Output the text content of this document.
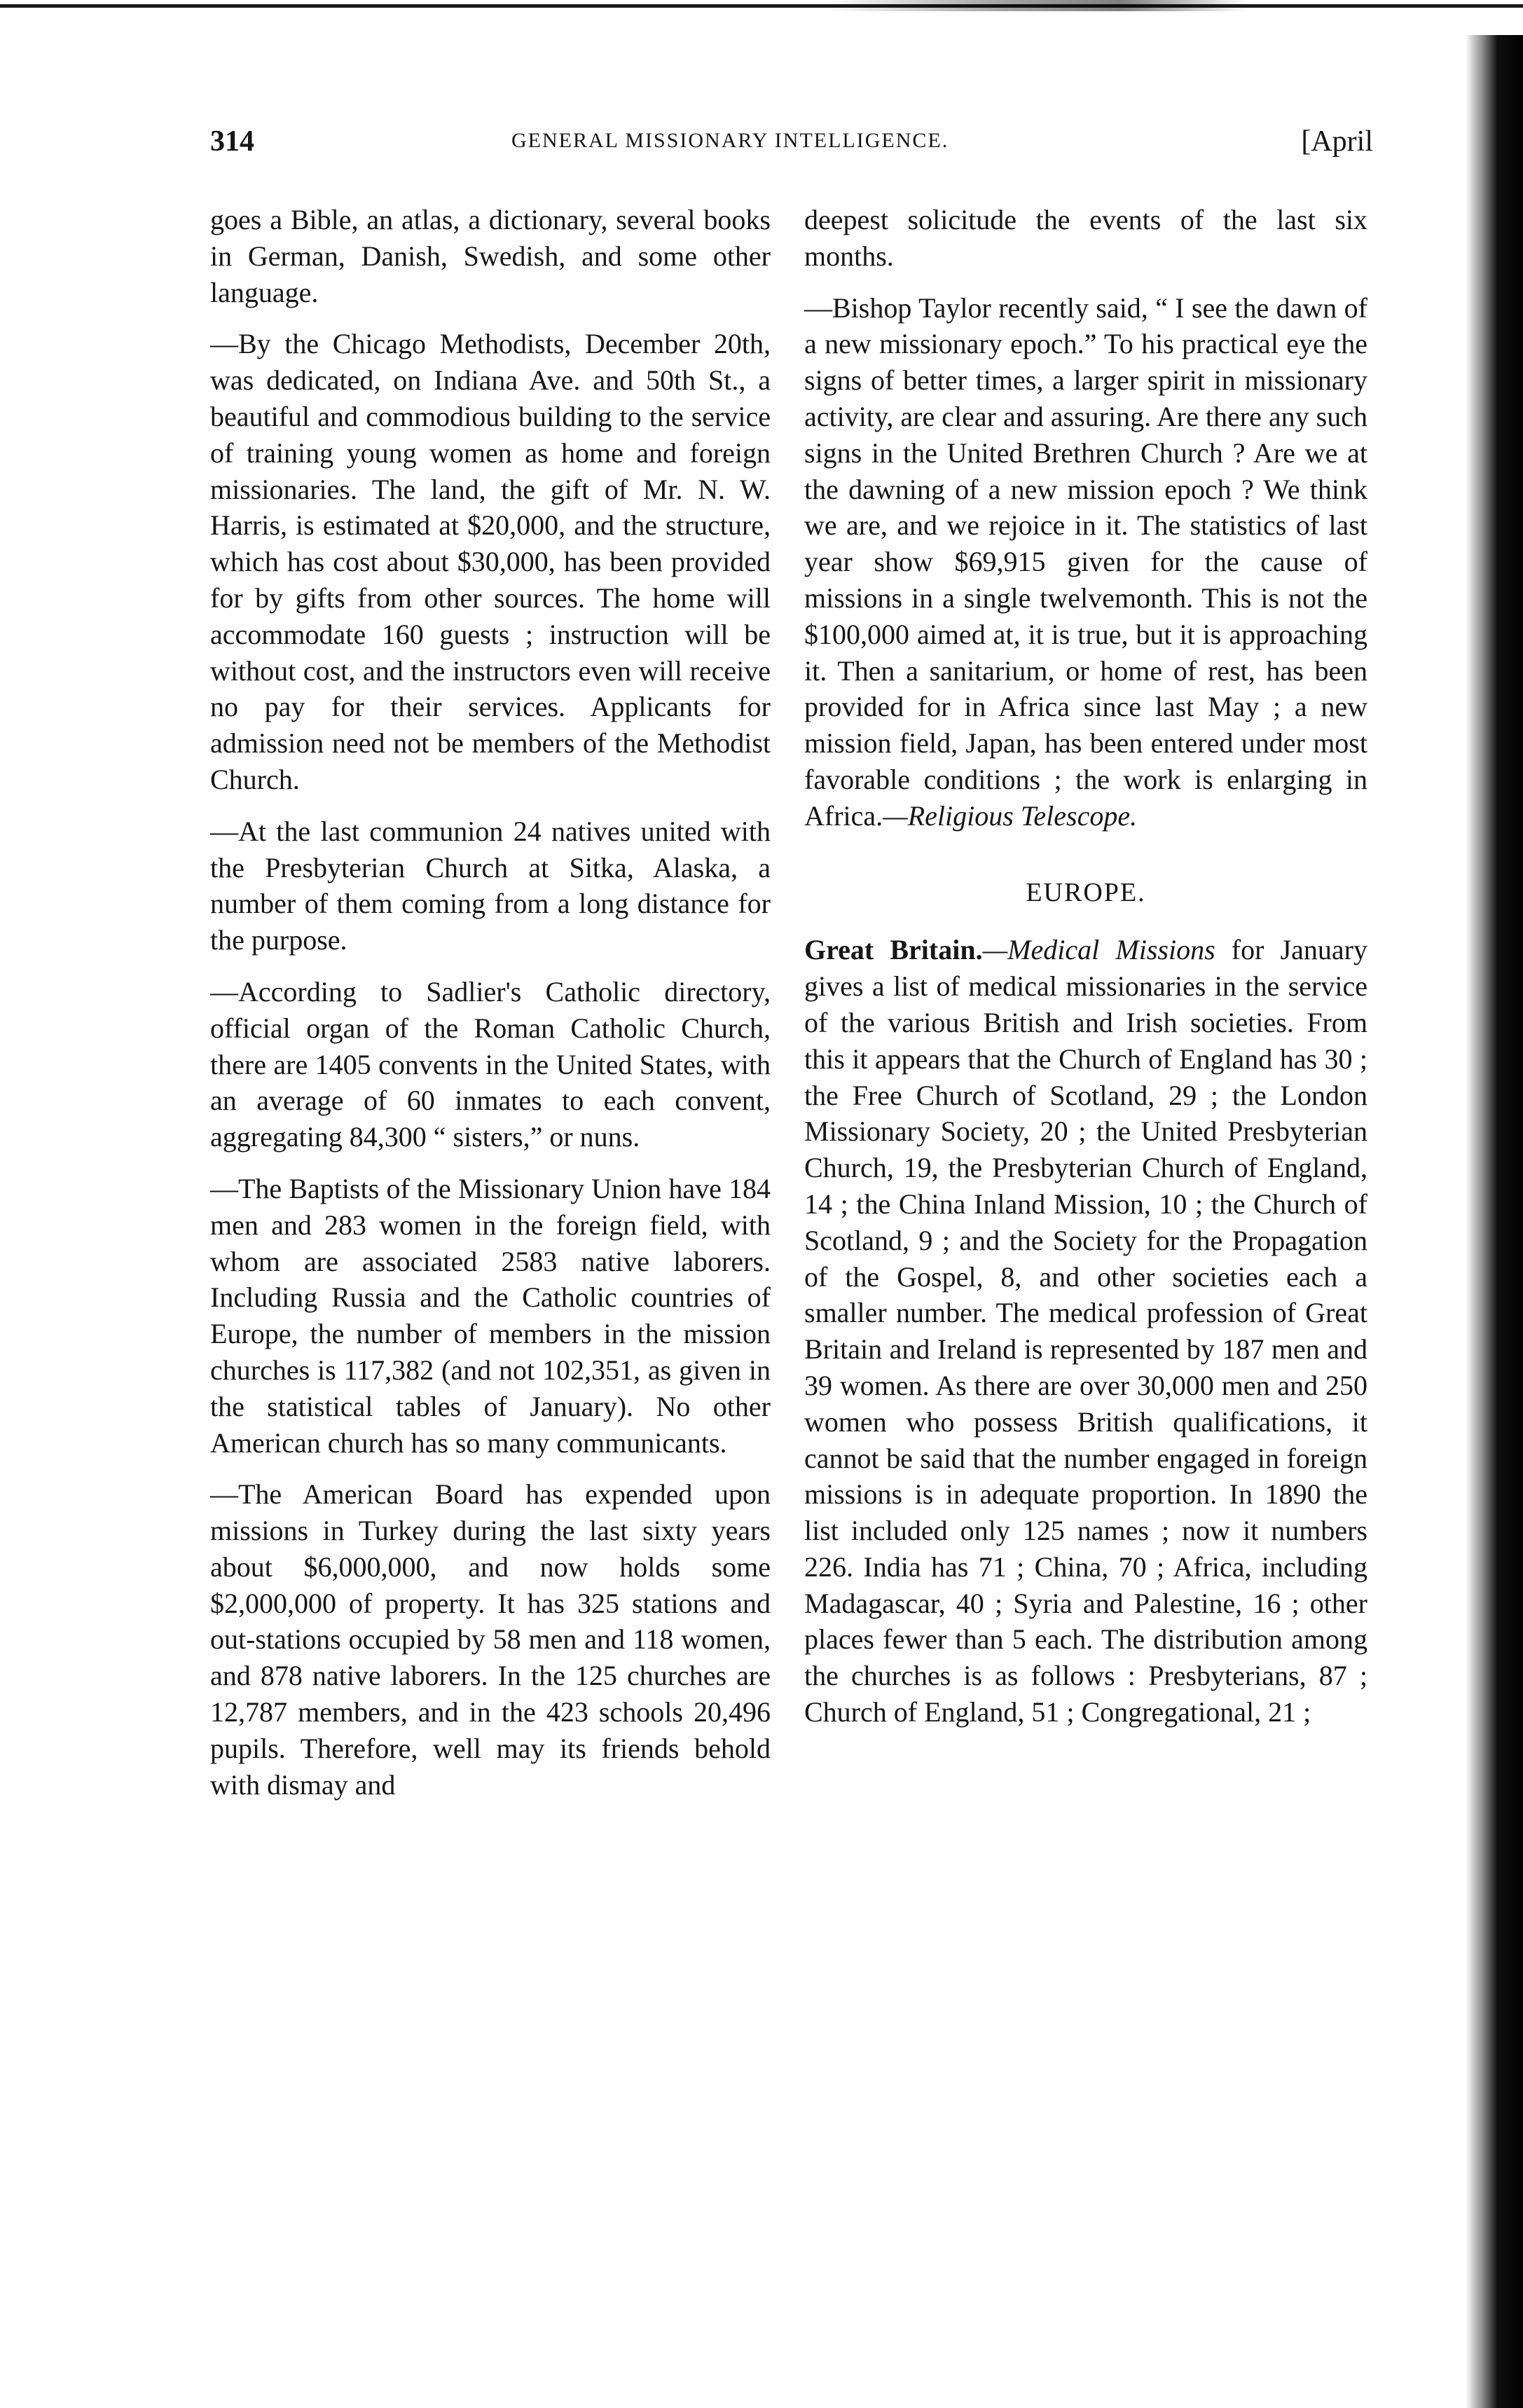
314	GENERAL MISSIONARY INTELLIGENCE.	[April

goes a Bible, an atlas, a dictionary, several books in German, Danish, Swedish, and some other language.

—By the Chicago Methodists, December 20th, was dedicated, on Indiana Ave. and 50th St., a beautiful and commodious building to the service of training young women as home and foreign missionaries. The land, the gift of Mr. N. W. Harris, is estimated at $20,000, and the structure, which has cost about $30,000, has been provided for by gifts from other sources. The home will accommodate 160 guests ; instruction will be without cost, and the instructors even will receive no pay for their services. Applicants for admission need not be members of the Methodist Church.

—At the last communion 24 natives united with the Presbyterian Church at Sitka, Alaska, a number of them coming from a long distance for the purpose.

—According to Sadlier's Catholic directory, official organ of the Roman Catholic Church, there are 1405 convents in the United States, with an average of 60 inmates to each convent, aggregating 84,300 “ sisters,” or nuns.

—The Baptists of the Missionary Union have 184 men and 283 women in the foreign field, with whom are associated 2583 native laborers. Including Russia and the Catholic countries of Europe, the number of members in the mission churches is 117,382 (and not 102,351, as given in the statistical tables of January). No other American church has so many communicants.

—The American Board has expended upon missions in Turkey during the last sixty years about $6,000,000, and now holds some $2,000,000 of property. It has 325 stations and out-stations occupied by 58 men and 118 women, and 878 native laborers. In the 125 churches are 12,787 members, and in the 423 schools 20,496 pupils. Therefore, well may its friends behold with dismay and

deepest solicitude the events of the last six months.

—Bishop Taylor recently said, “ I see the dawn of a new missionary epoch.” To his practical eye the signs of better times, a larger spirit in missionary activity, are clear and assuring. Are there any such signs in the United Brethren Church ? Are we at the dawning of a new mission epoch ? We think we are, and we rejoice in it. The statistics of last year show $69,915 given for the cause of missions in a single twelvemonth. This is not the $100,000 aimed at, it is true, but it is approaching it. Then a sanitarium, or home of rest, has been provided for in Africa since last May ; a new mission field, Japan, has been entered under most favorable conditions ; the work is enlarging in Africa.—Religious Telescope.

EUROPE.

Great Britain.—Medical Missions for January gives a list of medical missionaries in the service of the various British and Irish societies. From this it appears that the Church of England has 30 ; the Free Church of Scotland, 29 ; the London Missionary Society, 20 ; the United Presbyterian Church, 19, the Presbyterian Church of England, 14 ; the China Inland Mission, 10 ; the Church of Scotland, 9 ; and the Society for the Propagation of the Gospel, 8, and other societies each a smaller number. The medical profession of Great Britain and Ireland is represented by 187 men and 39 women. As there are over 30,000 men and 250 women who possess British qualifications, it cannot be said that the number engaged in foreign missions is in adequate proportion. In 1890 the list included only 125 names ; now it numbers 226. India has 71 ; China, 70 ; Africa, including Madagascar, 40 ; Syria and Palestine, 16 ; other places fewer than 5 each. The distribution among the churches is as follows : Presbyterians, 87 ; Church of England, 51 ; Congregational, 21 ;
